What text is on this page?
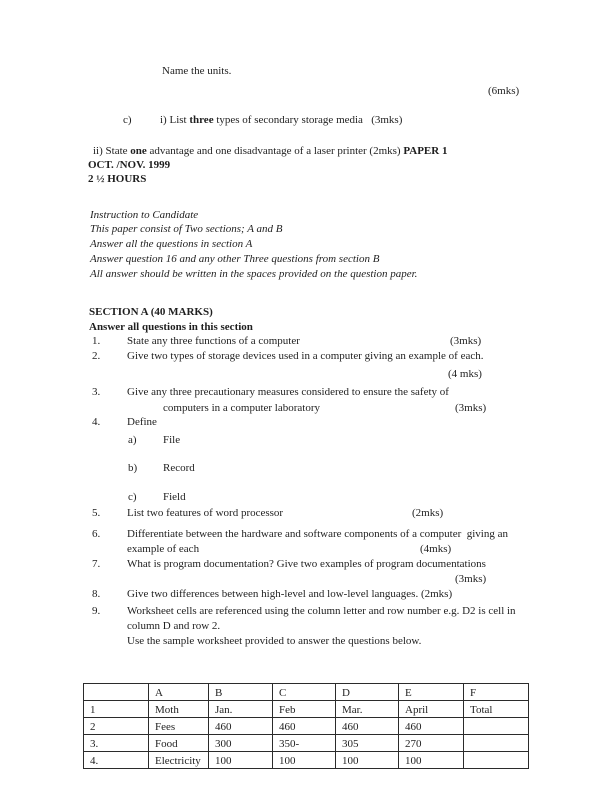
Name the units.
(6mks)
c)	i) List three types of secondary storage media   (3mks)
ii) State one advantage and one disadvantage of a laser printer (2mks) PAPER 1
OCT. /NOV. 1999
2 ½ HOURS
Instruction to Candidate
This paper consist of Two sections; A and B
Answer all the questions in section A
Answer question 16 and any other Three questions from section B
All answer should be written in the spaces provided on the question paper.
SECTION A (40 MARKS)
Answer all questions in this section
1. State any three functions of a computer	(3mks)
2. Give two types of storage devices used in a computer giving an example of each.
(4 mks)
3. Give any three precautionary measures considered to ensure the safety of
computers in a computer laboratory	(3mks)
4. Define
a) File
b) Record
c) Field
5. List two features of word processor	(2mks)
6. Differentiate between the hardware and software components of a computer  giving an
example of each	(4mks)
7. What is program documentation? Give two examples of program documentations
(3mks)
8. Give two differences between high-level and low-level languages. (2mks)
9. Worksheet cells are referenced using the column letter and row number e.g. D2 is cell in
column D and row 2.
Use the sample worksheet provided to answer the questions below.
	A	B	C	D	E	F
1	Moth	Jan.	Feb	Mar.	April	Total
2	Fees	460	460	460	460	
3.	Food	300	350-	305	270	
4.	Electricity	100	100	100	100	
